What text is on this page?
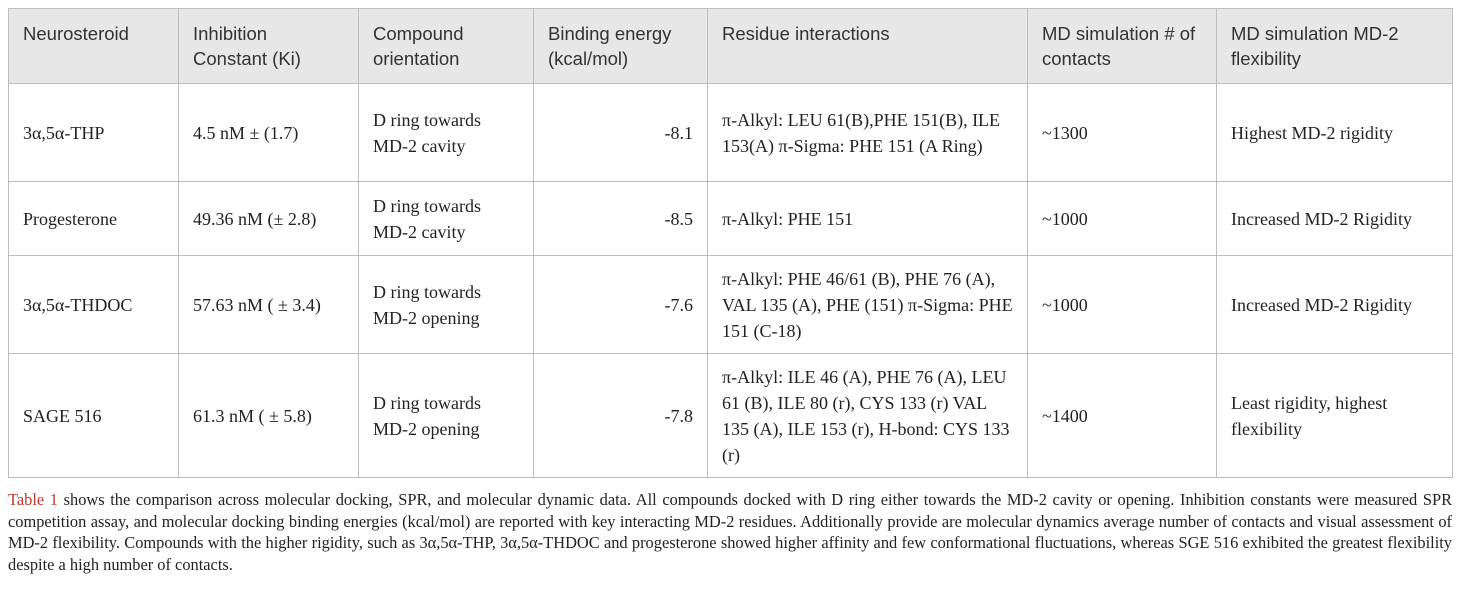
Neurosteroid	Inhibition Constant (Ki)	Compound orientation	Binding energy (kcal/mol)	Residue interactions	MD simulation # of contacts	MD simulation MD-2 flexibility
3α,5α-THP	4.5 nM ± (1.7)	D ring towards MD-2 cavity	-8.1	π-Alkyl: LEU 61(B),PHE 151(B), ILE 153(A) π-Sigma: PHE 151 (A Ring)	~1300	Highest MD-2 rigidity
Progesterone	49.36 nM (± 2.8)	D ring towards MD-2 cavity	-8.5	π-Alkyl: PHE 151	~1000	Increased MD-2 Rigidity
3α,5α-THDOC	57.63 nM ( ± 3.4)	D ring towards MD-2 opening	-7.6	π-Alkyl: PHE 46/61 (B), PHE 76 (A), VAL 135 (A), PHE (151) π-Sigma: PHE 151 (C-18)	~1000	Increased MD-2 Rigidity
SAGE 516	61.3 nM ( ± 5.8)	D ring towards MD-2 opening	-7.8	π-Alkyl: ILE 46 (A), PHE 76 (A), LEU 61 (B), ILE 80 (r), CYS 133 (r) VAL 135 (A), ILE 153 (r), H-bond: CYS 133 (r)	~1400	Least rigidity, highest flexibility

Table 1 shows the comparison across molecular docking, SPR, and molecular dynamic data. All compounds docked with D ring either towards the MD-2 cavity or opening. Inhibition constants were measured SPR competition assay, and molecular docking binding energies (kcal/mol) are reported with key interacting MD-2 residues. Additionally provide are molecular dynamics average number of contacts and visual assessment of MD-2 flexibility. Compounds with the higher rigidity, such as 3α,5α-THP, 3α,5α-THDOC and progesterone showed higher affinity and few conformational fluctuations, whereas SGE 516 exhibited the greatest flexibility despite a high number of contacts.
